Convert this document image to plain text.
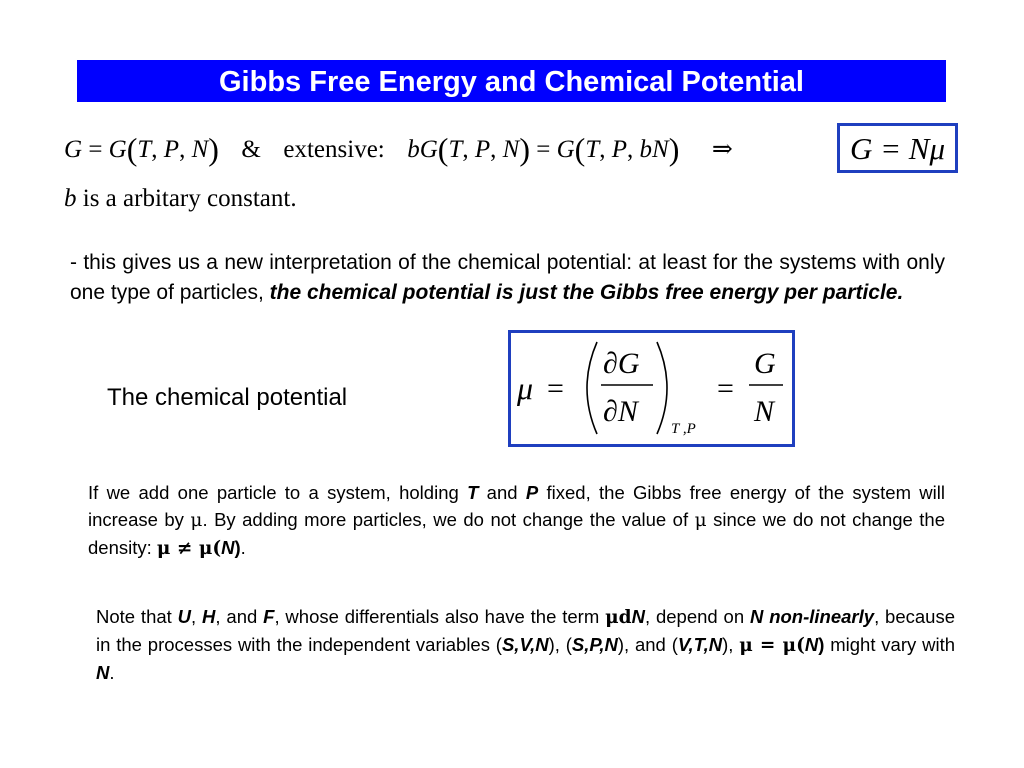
Gibbs Free Energy and Chemical Potential
G = G(T, P, N) & extensive: bG(T, P, N) = G(T, P, bN) ⇒	G = Nμ
b is a arbitary constant.
- this gives us a new interpretation of the chemical potential: at least for the systems with only one type of particles, the chemical potential is just the Gibbs free energy per particle.
The chemical potential	μ =
∂G
∂N
T ,P
=
G
N
If we add one particle to a system, holding T and P fixed, the Gibbs free energy of the system will increase by μ. By adding more particles, we do not change the value of μ since we do not change the density: μ ≠ μ(N).
Note that U, H, and F, whose differentials also have the term μdN, depend on N non-linearly, because in the processes with the independent variables (S,V,N), (S,P,N), and (V,T,N), μ = μ(N) might vary with N.
